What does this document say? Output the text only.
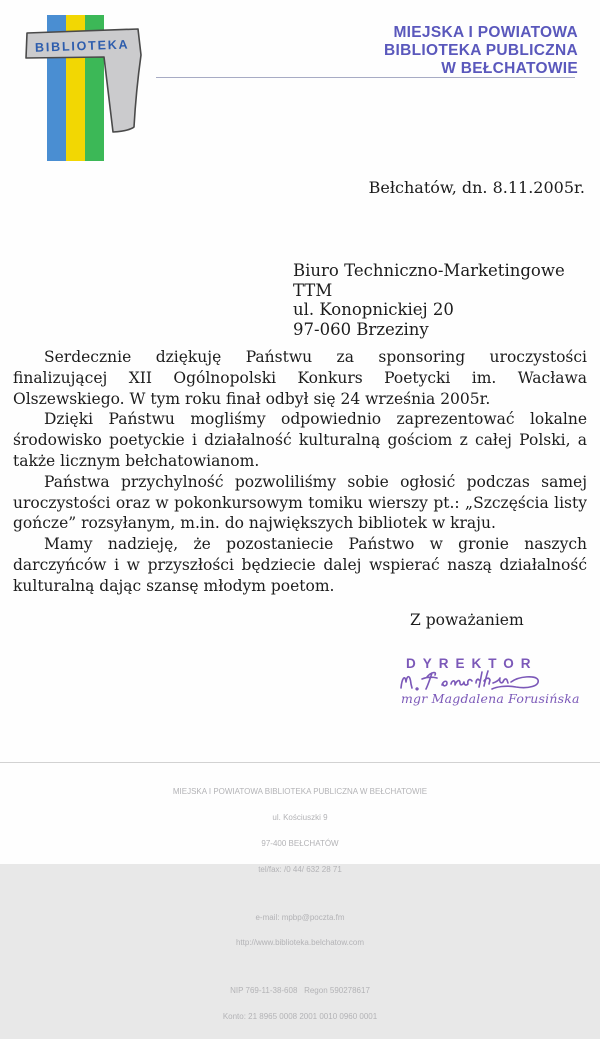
BIBLIOTEKA
MIEJSKA I POWIATOWA
BIBLIOTEKA PUBLICZNA
W BEŁCHATOWIE
Bełchatów, dn. 8.11.2005r.
Biuro Techniczno-Marketingowe TTM
ul. Konopnickiej 20
97-060 Brzeziny

Serdecznie dziękuję Państwu za sponsoring uroczystości finalizującej XII Ogólnopolski Konkurs Poetycki im. Wacława Olszewskiego. W tym roku finał odbył się 24 września 2005r.

Dzięki Państwu mogliśmy odpowiednio zaprezentować lokalne środowisko poetyckie i działalność kulturalną gościom z całej Polski, a także licznym bełchatowianom.

Państwa przychylność pozwoliliśmy sobie ogłosić podczas samej uroczystości oraz w pokonkursowym tomiku wierszy pt.: „Szczęścia listy gończe” rozsyłanym, m.in. do największych bibliotek w kraju.

Mamy nadzieję, że pozostaniecie Państwo w gronie naszych darczyńców i w przyszłości będziecie dalej wspierać naszą działalność kulturalną dając szansę młodym poetom.

Z poważaniem
DYREKTOR
mgr Magdalena Forusińska

MIEJSKA I POWIATOWA BIBLIOTEKA PUBLICZNA W BEŁCHATOWIE

ul. Kościuszki 9

97-400 BEŁCHATÓW

tel/fax: /0 44/ 632 28 71

e-mail: mpbp@poczta.fm

http://www.biblioteka.belchatow.com

NIP 769-11-38-608   Regon 590278617

Konto: 21 8965 0008 2001 0010 0960 0001
